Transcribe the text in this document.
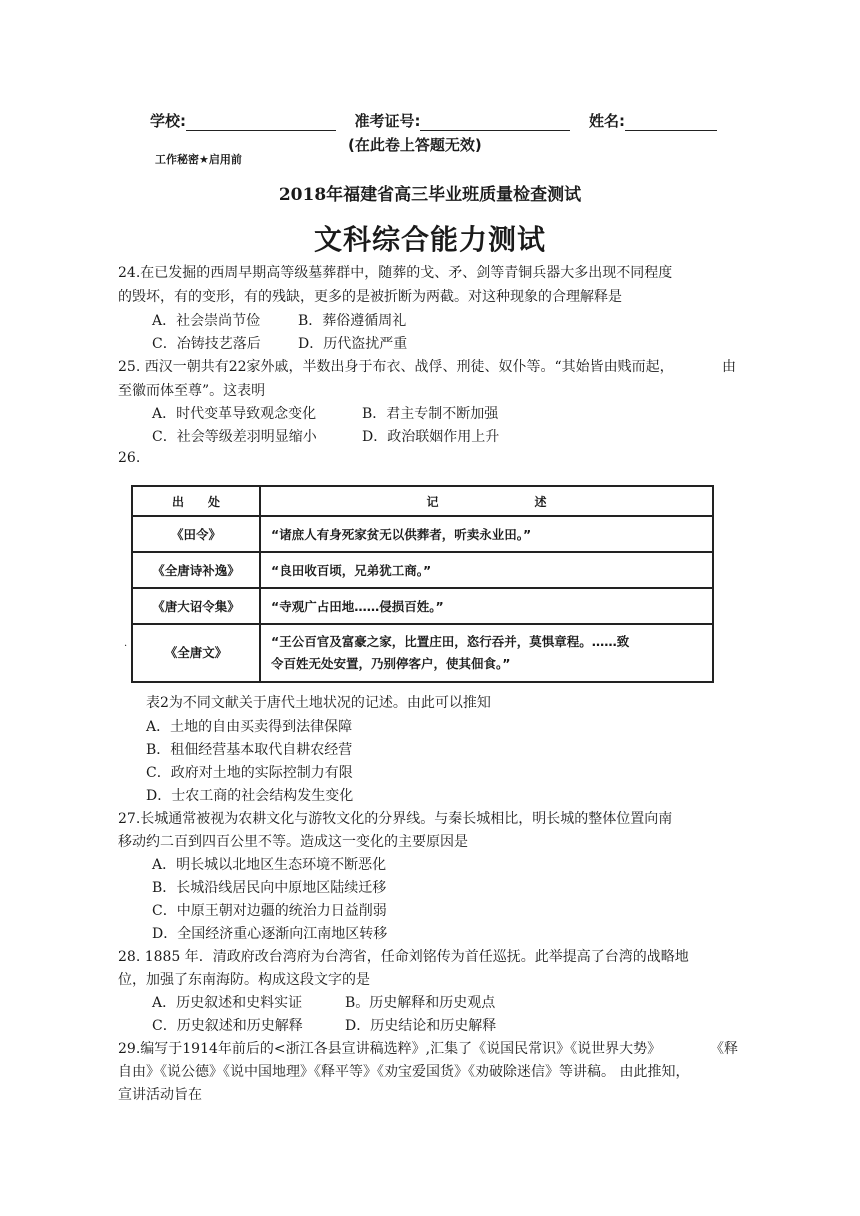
学校:	准考证号:	姓名:
(在此卷上答题无效)
工作秘密★启用前
2018年福建省高三毕业班质量检查测试
文科综合能力测试
24.在已发掘的西周早期高等级墓葬群中，随葬的戈、矛、剑等青铜兵器大多出现不同程度
的毁坏，有的变形，有的残缺，更多的是被折断为两截。对这种现象的合理解释是
A．社会崇尚节俭	B．葬俗遵循周礼
C．冶铸技艺落后	D．历代盗扰严重
25. 西汉一朝共有22家外戚，半数出身于布衣、战俘、刑徒、奴仆等。“其始皆由贱而起，	由
至徽而体至尊”。这表明
A．时代变革导致观念变化	B．君主专制不断加强
C．社会等级差羽明显缩小	D．政治联姻作用上升
26.
出　　处	记　　　　　　　　述
《田令》	“诸庶人有身死家贫无以供葬者，听卖永业田。”
《全唐诗补逸》	“良田收百顷，兄弟犹工商。”
《唐大诏令集》	“寺观广占田地……侵损百姓。”
《全唐文》	“王公百官及富豪之家，比置庄田，恣行吞并，莫惧章程。……致
令百姓无处安置，乃别停客户，使其佃食。”
.
表2为不同文献关于唐代土地状况的记述。由此可以推知
A．土地的自由买卖得到法律保障
B．租佃经营基本取代自耕农经营
C．政府对土地的实际控制力有限
D．士农工商的社会结构发生变化
27.长城通常被视为农耕文化与游牧文化的分界线。与秦长城相比，明长城的整体位置向南
移动约二百到四百公里不等。造成这一变化的主要原因是
A．明长城以北地区生态环境不断恶化
B．长城沿线居民向中原地区陆续迁移
C．中原王朝对边疆的统治力日益削弱
D．全国经济重心逐渐向江南地区转移
28. 1885 年．清政府改台湾府为台湾省，任命刘铭传为首任巡抚。此举提高了台湾的战略地
位，加强了东南海防。构成这段文字的是
A．历史叙述和史料实证	B。历史解释和历史观点
C．历史叙述和历史解释	D．历史结论和历史解释
29.编写于1914年前后的<浙江各县宣讲稿选粹》,汇集了《说国民常识》《说世界大势》	《释
自由》《说公德》《说中国地理》《释平等》《劝宝爱国货》《劝破除迷信》等讲稿。 由此推知，
宣讲活动旨在
